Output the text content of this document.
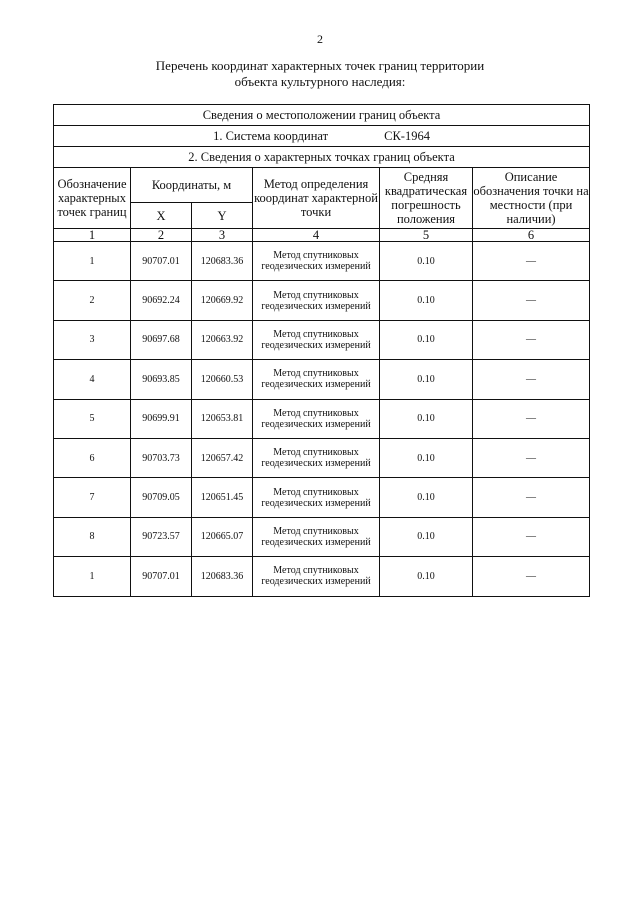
2
Перечень координат характерных точек границ территории
объекта культурного наследия:
Сведения о местоположении границ объекта					
1. Система координат СК-1964					
2. Сведения о характерных точках границ объекта					
Обозначение характерных точек границ	Координаты, м		Метод определения координат характерной точки	Средняя квадратическая погрешность положения	Описание обозначения точки на местности (при наличии)
	X	Y			
1	2	3	4	5	6
1	90707.01	120683.36	Метод спутниковых геодезических измерений	0.10	—
2	90692.24	120669.92	Метод спутниковых геодезических измерений	0.10	—
3	90697.68	120663.92	Метод спутниковых геодезических измерений	0.10	—
4	90693.85	120660.53	Метод спутниковых геодезических измерений	0.10	—
5	90699.91	120653.81	Метод спутниковых геодезических измерений	0.10	—
6	90703.73	120657.42	Метод спутниковых геодезических измерений	0.10	—
7	90709.05	120651.45	Метод спутниковых геодезических измерений	0.10	—
8	90723.57	120665.07	Метод спутниковых геодезических измерений	0.10	—
1	90707.01	120683.36	Метод спутниковых геодезических измерений	0.10	—
